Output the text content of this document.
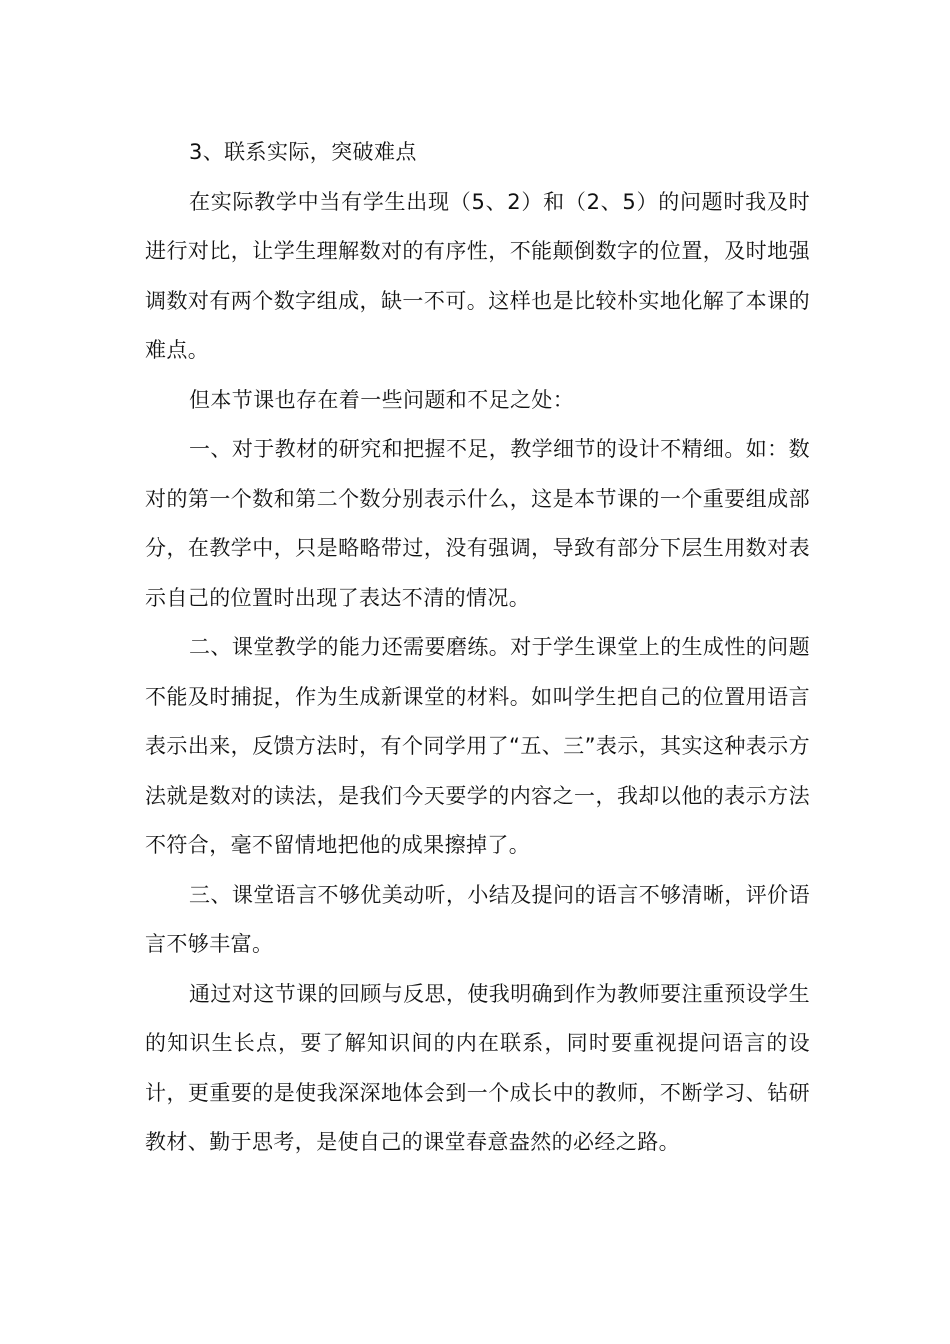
3、联系实际，突破难点

在实际教学中当有学生出现（5、2）和（2、5）的问题时我及时进行对比，让学生理解数对的有序性，不能颠倒数字的位置，及时地强调数对有两个数字组成，缺一不可。这样也是比较朴实地化解了本课的难点。

但本节课也存在着一些问题和不足之处：

一、对于教材的研究和把握不足，教学细节的设计不精细。如：数对的第一个数和第二个数分别表示什么，这是本节课的一个重要组成部分，在教学中，只是略略带过，没有强调，导致有部分下层生用数对表示自己的位置时出现了表达不清的情况。

二、课堂教学的能力还需要磨练。对于学生课堂上的生成性的问题不能及时捕捉，作为生成新课堂的材料。如叫学生把自己的位置用语言表示出来，反馈方法时，有个同学用了“五、三”表示，其实这种表示方法就是数对的读法，是我们今天要学的内容之一，我却以他的表示方法不符合，毫不留情地把他的成果擦掉了。

三、课堂语言不够优美动听，小结及提问的语言不够清晰，评价语言不够丰富。

通过对这节课的回顾与反思，使我明确到作为教师要注重预设学生的知识生长点，要了解知识间的内在联系，同时要重视提问语言的设计，更重要的是使我深深地体会到一个成长中的教师，不断学习、钻研教材、勤于思考，是使自己的课堂春意盎然的必经之路。
